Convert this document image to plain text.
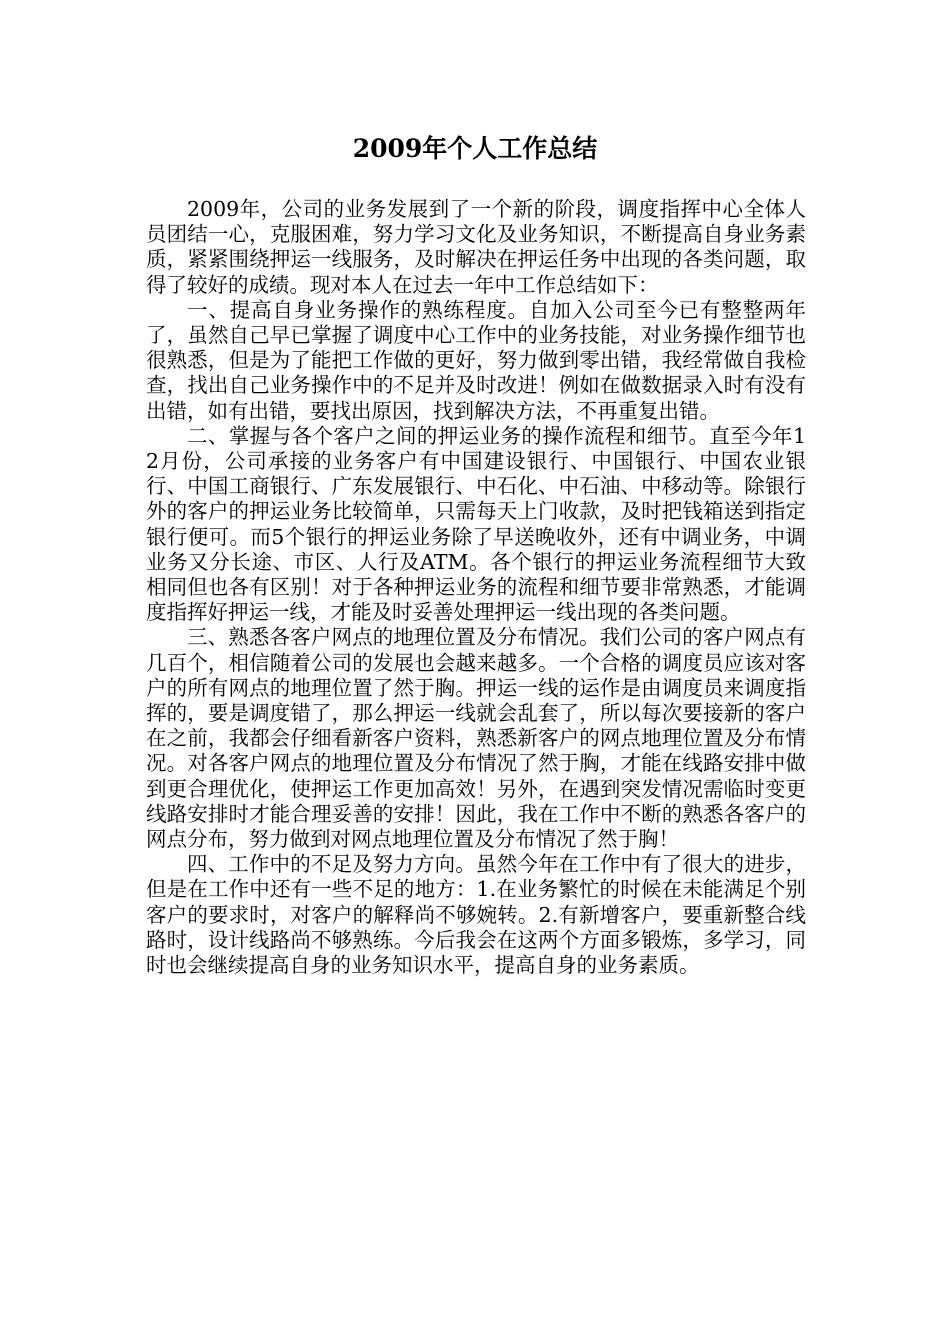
2009年个人工作总结

2009年，公司的业务发展到了一个新的阶段，调度指挥中心全体人员团结一心，克服困难，努力学习文化及业务知识，不断提高自身业务素质，紧紧围绕押运一线服务，及时解决在押运任务中出现的各类问题，取得了较好的成绩。现对本人在过去一年中工作总结如下：

一、提高自身业务操作的熟练程度。自加入公司至今已有整整两年了，虽然自己早已掌握了调度中心工作中的业务技能，对业务操作细节也很熟悉，但是为了能把工作做的更好，努力做到零出错，我经常做自我检查，找出自己业务操作中的不足并及时改进！例如在做数据录入时有没有出错，如有出错，要找出原因，找到解决方法，不再重复出错。

二、掌握与各个客户之间的押运业务的操作流程和细节。直至今年12月份，公司承接的业务客户有中国建设银行、中国银行、中国农业银行、中国工商银行、广东发展银行、中石化、中石油、中移动等。除银行外的客户的押运业务比较简单，只需每天上门收款，及时把钱箱送到指定银行便可。而5个银行的押运业务除了早送晚收外，还有中调业务，中调业务又分长途、市区、人行及ATM。各个银行的押运业务流程细节大致相同但也各有区别！对于各种押运业务的流程和细节要非常熟悉，才能调度指挥好押运一线，才能及时妥善处理押运一线出现的各类问题。

三、熟悉各客户网点的地理位置及分布情况。我们公司的客户网点有几百个，相信随着公司的发展也会越来越多。一个合格的调度员应该对客户的所有网点的地理位置了然于胸。押运一线的运作是由调度员来调度指挥的，要是调度错了，那么押运一线就会乱套了，所以每次要接新的客户在之前，我都会仔细看新客户资料，熟悉新客户的网点地理位置及分布情况。对各客户网点的地理位置及分布情况了然于胸，才能在线路安排中做到更合理优化，使押运工作更加高效！另外，在遇到突发情况需临时变更线路安排时才能合理妥善的安排！因此，我在工作中不断的熟悉各客户的网点分布，努力做到对网点地理位置及分布情况了然于胸！

四、工作中的不足及努力方向。虽然今年在工作中有了很大的进步，但是在工作中还有一些不足的地方：1.在业务繁忙的时候在未能满足个别客户的要求时，对客户的解释尚不够婉转。2.有新增客户，要重新整合线路时，设计线路尚不够熟练。今后我会在这两个方面多锻炼，多学习，同时也会继续提高自身的业务知识水平，提高自身的业务素质。
